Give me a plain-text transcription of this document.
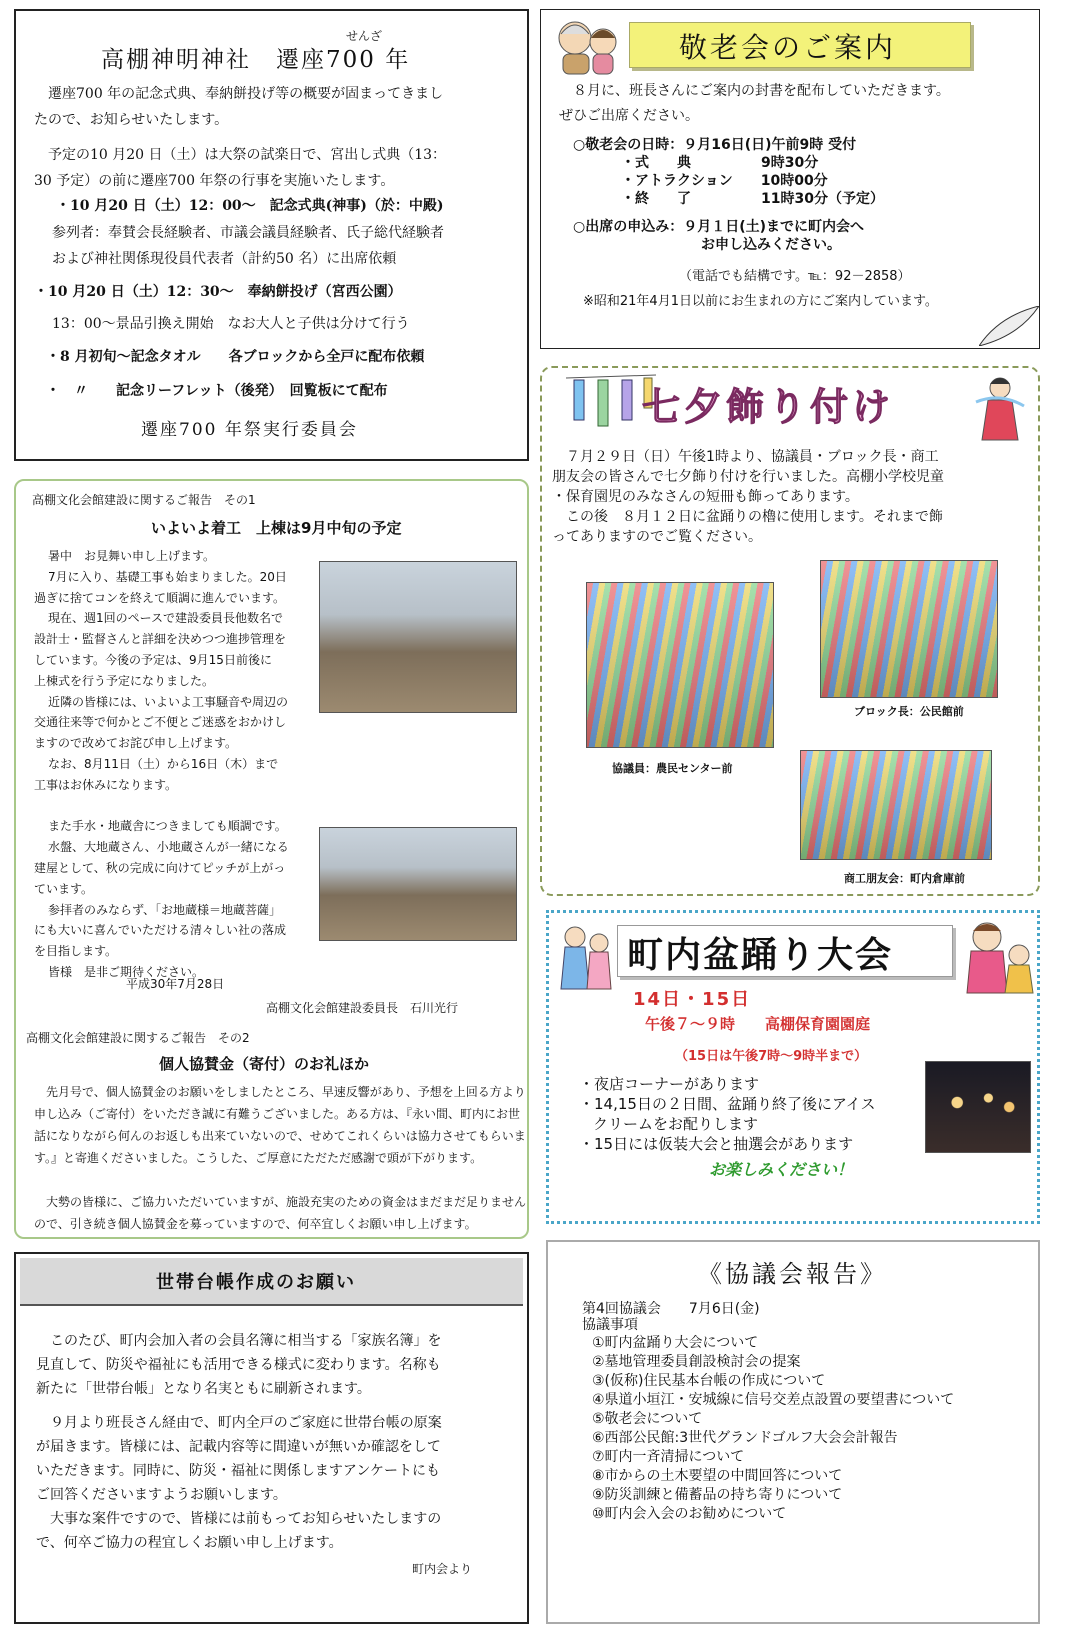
せんざ
高棚神明神社　遷座700 年
遷座700 年の記念式典、奉納餅投げ等の概要が固まってきまし
たので、お知らせいたします。
予定の10 月20 日（土）は大祭の試楽日で、宮出し式典（13：
30 予定）の前に遷座700 年祭の行事を実施いたします。
・10 月20 日（土）12：00～　記念式典(神事)（於：中殿)
参列者：奉賛会長経験者、市議会議員経験者、氏子総代経験者
および神社関係現役員代表者（計約50 名）に出席依頼
・10 月20 日（土）12：30～　奉納餅投げ（宮西公園）
13：00～景品引換え開始　なお大人と子供は分けて行う
・8 月初旬～記念タオル　　各ブロックから全戸に配布依頼
・　〃　　記念リーフレット（後発）　回覧板にて配布
遷座700 年祭実行委員会
敬老会のご案内
８月に、班長さんにご案内の封書を配布していただきます。
ぜひご出席ください。
○敬老会の日時：９月16日(日)午前9時 受付
・式　　典　　　　　9時30分
・アトラクション　　10時00分
・終　　了　　　　　11時30分（予定）
○出席の申込み：９月１日(土)までに町内会へ
お申し込みください。
（電話でも結構です。℡：92－2858）
※昭和21年4月1日以前にお生まれの方にご案内しています。
高棚文化会館建設に関するご報告　その1
いよいよ着工　上棟は9月中旬の予定
暑中　お見舞い申し上げます。
7月に入り、基礎工事も始まりました。20日
過ぎに捨てコンを終えて順調に進んでいます。
現在、週1回のペースで建設委員長他数名で
設計士・監督さんと詳細を決めつつ進捗管理を
しています。今後の予定は、9月15日前後に
上棟式を行う予定になりました。
近隣の皆様には、いよいよ工事騒音や周辺の
交通往来等で何かとご不便とご迷惑をおかけし
ますので改めてお詫び申し上げます。
なお、8月11日（土）から16日（木）まで
工事はお休みになります。
また手水・地蔵舎につきましても順調です。
水盤、大地蔵さん、小地蔵さんが一緒になる
建屋として、秋の完成に向けてピッチが上がっ
ています。
参拝者のみならず、「お地蔵様＝地蔵菩薩」
にも大いに喜んでいただける清々しい社の落成
を目指します。
皆様　是非ご期待ください。
平成30年7月28日
高棚文化会館建設委員長　石川光行
高棚文化会館建設に関するご報告　その2
個人協賛金（寄付）のお礼ほか
先月号で、個人協賛金のお願いをしましたところ、早速反響があり、予想を上回る方より
申し込み（ご寄付）をいただき誠に有難うございました。ある方は、『永い間、町内にお世
話になりながら何んのお返しも出来ていないので、せめてこれくらいは協力させてもらいま
す。』と寄進くださいました。こうした、ご厚意にただただ感謝で頭が下がります。
大勢の皆様に、ご協力いただいていますが、施設充実のための資金はまだまだ足りません
ので、引き続き個人協賛金を募っていますので、何卒宜しくお願い申し上げます。
七夕飾り付け
７月２９日（日）午後1時より、協議員・ブロック長・商工
朋友会の皆さんで七夕飾り付けを行いました。高棚小学校児童
・保育園児のみなさんの短冊も飾ってあります。
この後　８月１２日に盆踊りの櫓に使用します。それまで飾
ってありますのでご覧ください。
協議員：農民センター前
ブロック長：公民館前
商工朋友会：町内倉庫前
町内盆踊り大会
14日・15日
午後７～９時　　高棚保育園園庭
（15日は午後7時～9時半まで）
・夜店コーナーがあります
・14,15日の２日間、盆踊り終了後にアイス
クリームをお配りします
・15日には仮装大会と抽選会があります
お楽しみください！
世帯台帳作成のお願い
このたび、町内会加入者の会員名簿に相当する「家族名簿」を
見直して、防災や福祉にも活用できる様式に変わります。名称も
新たに「世帯台帳」となり名実ともに刷新されます。
９月より班長さん経由で、町内全戸のご家庭に世帯台帳の原案
が届きます。皆様には、記載内容等に間違いが無いか確認をして
いただきます。同時に、防災・福祉に関係しますアンケートにも
ご回答くださいますようお願いします。
大事な案件ですので、皆様には前もってお知らせいたしますの
で、何卒ご協力の程宜しくお願い申し上げます。
町内会より
《協議会報告》
第4回協議会　　7月6日(金)
協議事項
①町内盆踊り大会について
②墓地管理委員創設検討会の提案
③(仮称)住民基本台帳の作成について
④県道小垣江・安城線に信号交差点設置の要望書について
⑤敬老会について
⑥西部公民館:3世代グランドゴルフ大会会計報告
⑦町内一斉清掃について
⑧市からの土木要望の中間回答について
⑨防災訓練と備蓄品の持ち寄りについて
⑩町内会入会のお勧めについて
